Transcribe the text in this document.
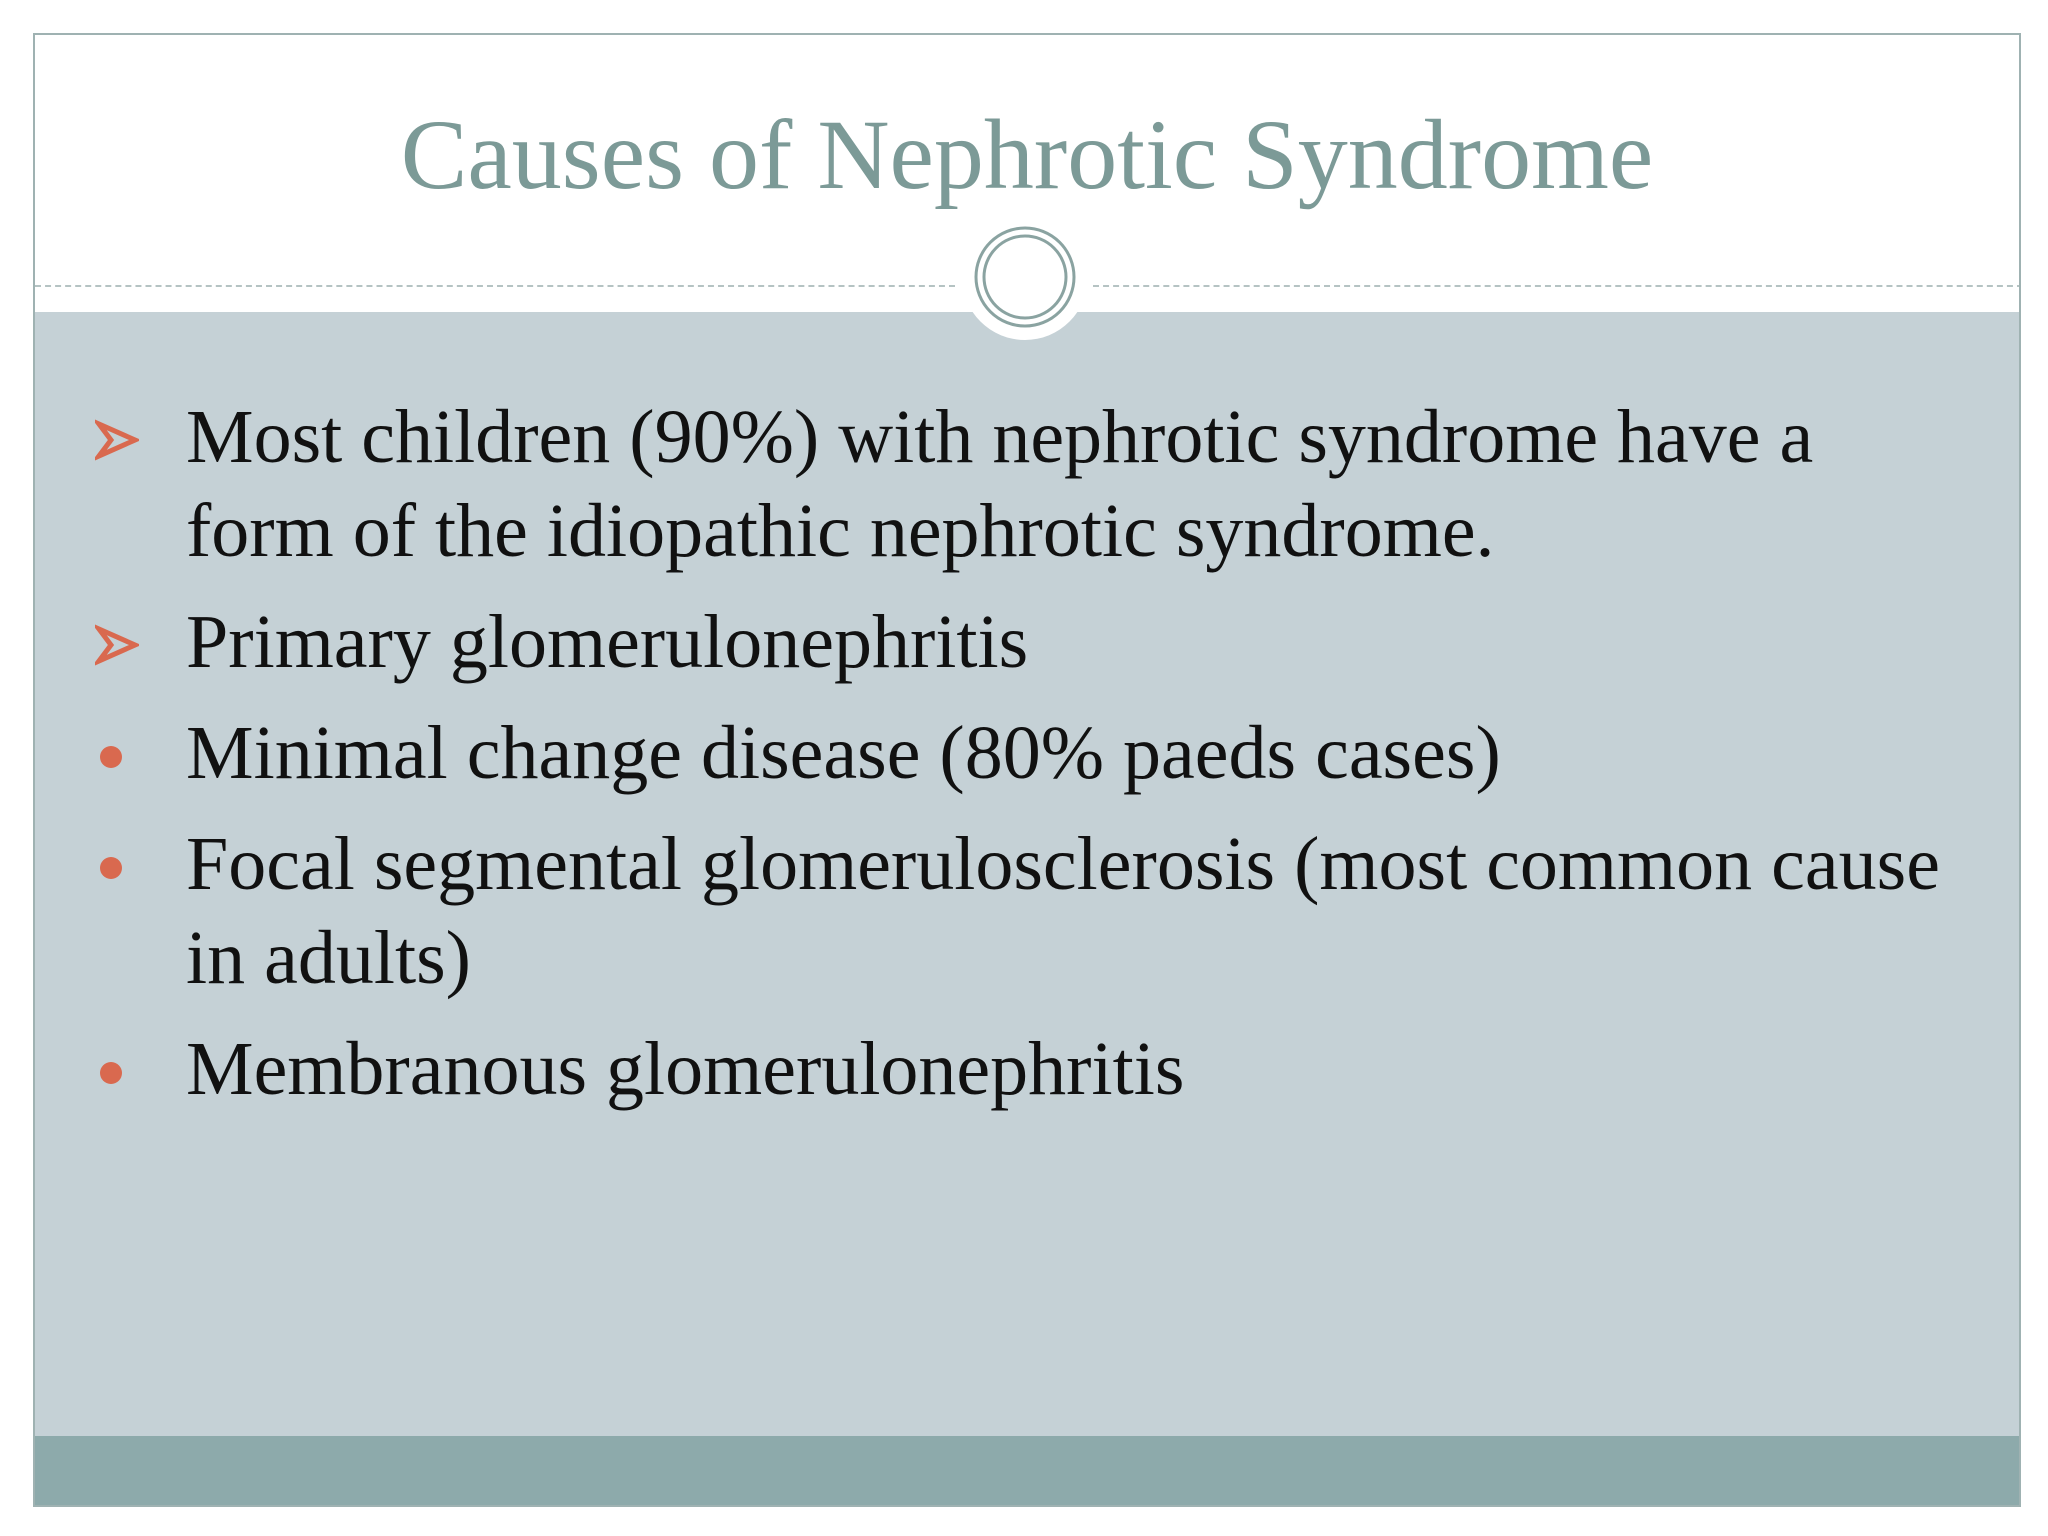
Causes of Nephrotic Syndrome
Most children (90%) with nephrotic syndrome have a form of the idiopathic nephrotic syndrome.
Primary glomerulonephritis
Minimal change disease (80% paeds cases)
Focal segmental glomerulosclerosis (most common cause in adults)
Membranous glomerulonephritis
